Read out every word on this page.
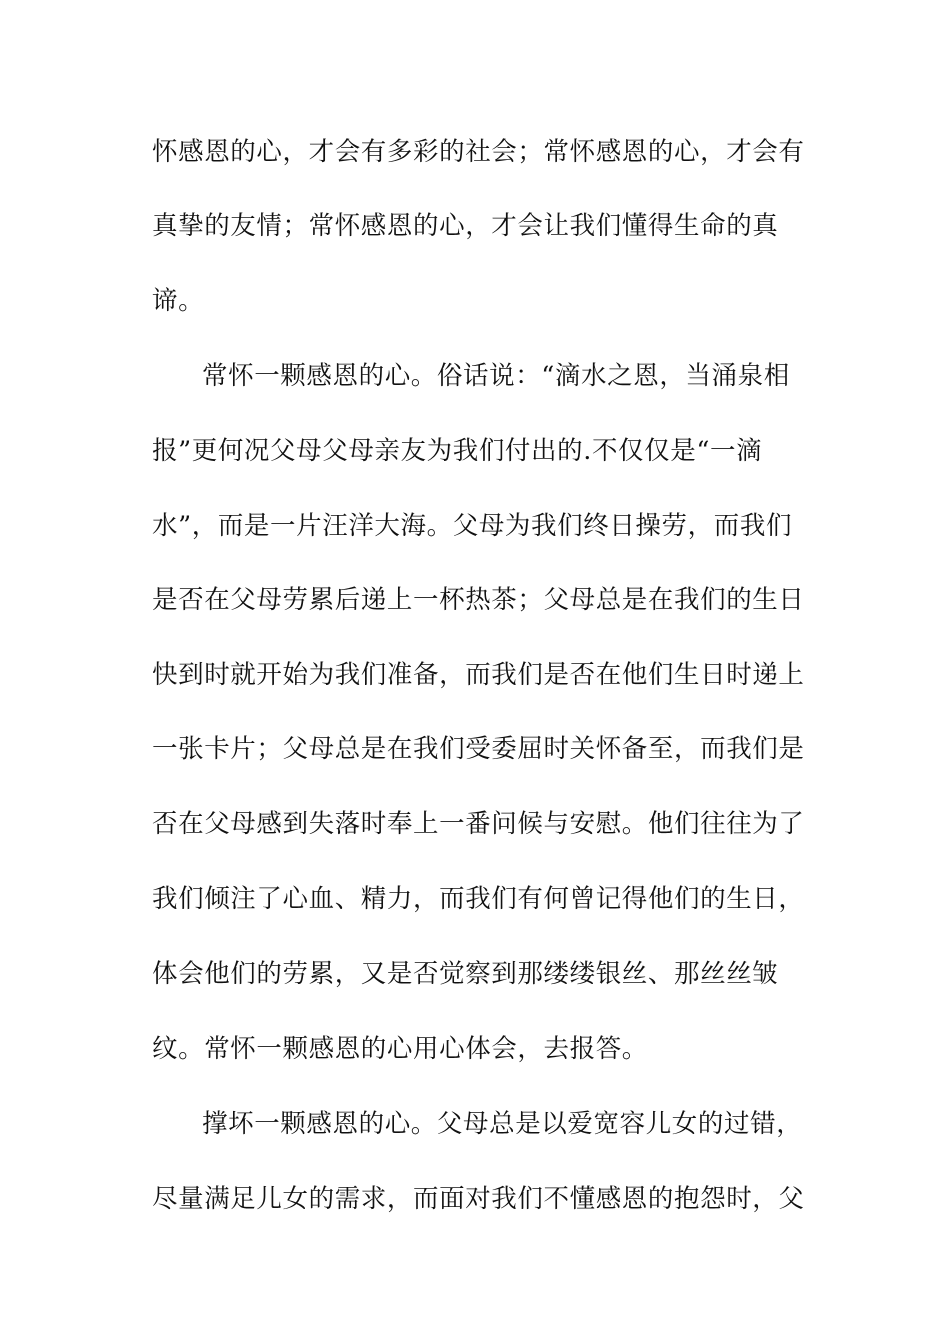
怀感恩的心，才会有多彩的社会；常怀感恩的心，才会有
真挚的友情；常怀感恩的心，才会让我们懂得生命的真
谛。
常怀一颗感恩的心。俗话说：“滴水之恩，当涌泉相
报”更何况父母父母亲友为我们付出的.不仅仅是“一滴
水”，而是一片汪洋大海。父母为我们终日操劳，而我们
是否在父母劳累后递上一杯热茶；父母总是在我们的生日
快到时就开始为我们准备，而我们是否在他们生日时递上
一张卡片；父母总是在我们受委屈时关怀备至，而我们是
否在父母感到失落时奉上一番问候与安慰。他们往往为了
我们倾注了心血、精力，而我们有何曾记得他们的生日，
体会他们的劳累，又是否觉察到那缕缕银丝、那丝丝皱
纹。常怀一颗感恩的心用心体会，去报答。
撑坏一颗感恩的心。父母总是以爱宽容儿女的过错，
尽量满足儿女的需求，而面对我们不懂感恩的抱怨时，父
